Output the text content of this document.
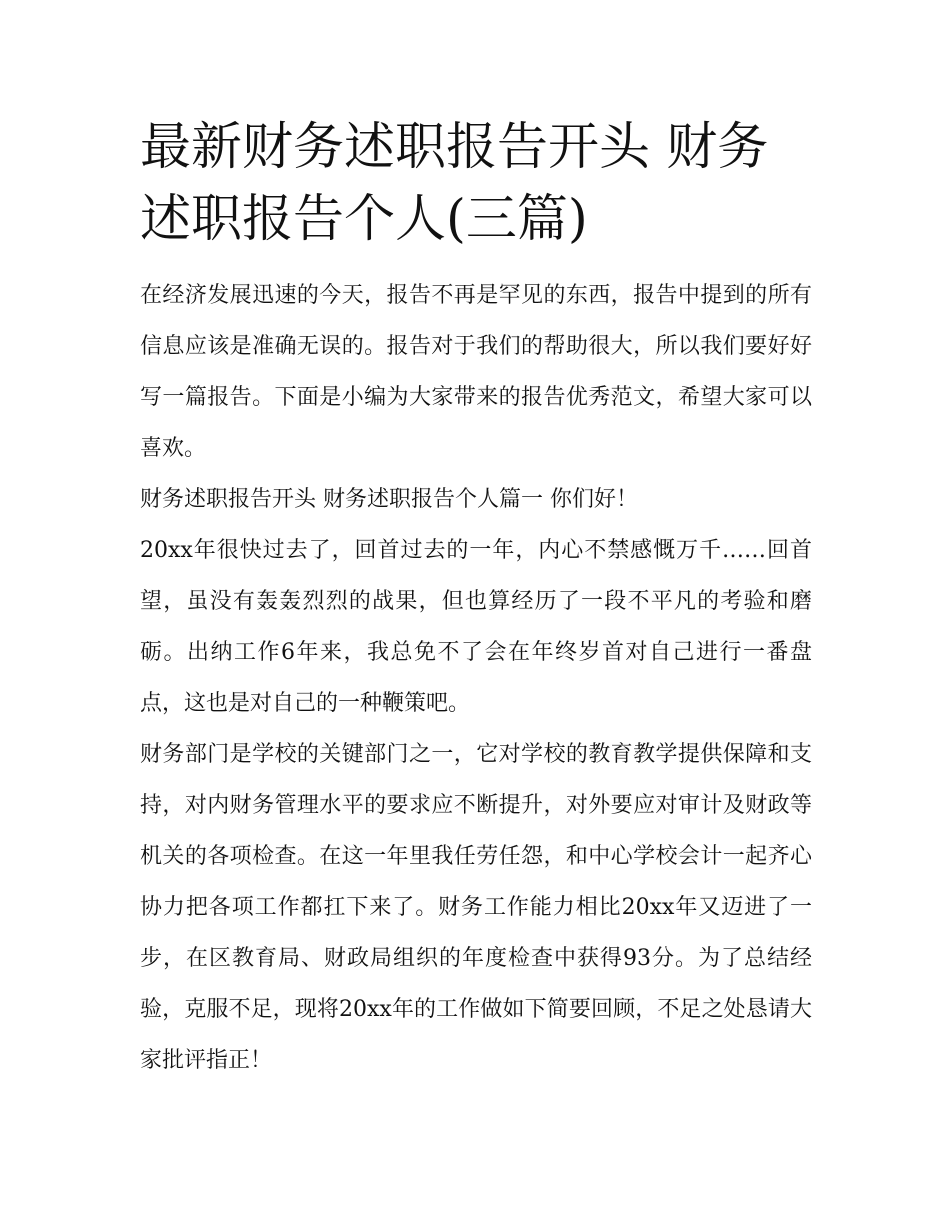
最新财务述职报告开头 财务述职报告个人(三篇)

在经济发展迅速的今天，报告不再是罕见的东西，报告中提到的所有信息应该是准确无误的。报告对于我们的帮助很大，所以我们要好好写一篇报告。下面是小编为大家带来的报告优秀范文，希望大家可以喜欢。

财务述职报告开头 财务述职报告个人篇一 你们好！

20xx年很快过去了，回首过去的一年，内心不禁感慨万千……回首望，虽没有轰轰烈烈的战果，但也算经历了一段不平凡的考验和磨砺。出纳工作6年来，我总免不了会在年终岁首对自己进行一番盘点，这也是对自己的一种鞭策吧。

财务部门是学校的关键部门之一，它对学校的教育教学提供保障和支持，对内财务管理水平的要求应不断提升，对外要应对审计及财政等机关的各项检查。在这一年里我任劳任怨，和中心学校会计一起齐心协力把各项工作都扛下来了。财务工作能力相比20xx年又迈进了一步，在区教育局、财政局组织的年度检查中获得93分。为了总结经验，克服不足，现将20xx年的工作做如下简要回顾，不足之处恳请大家批评指正！
